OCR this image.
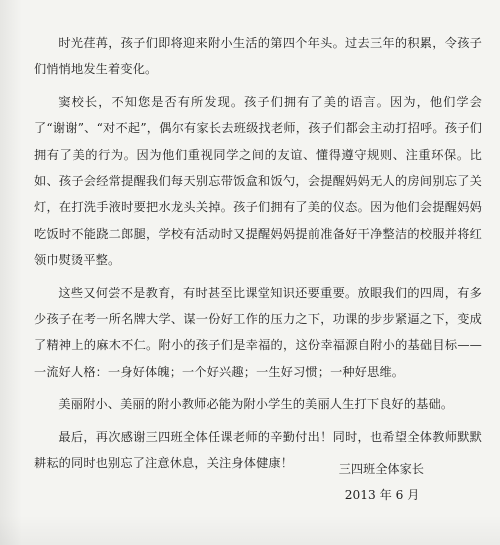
时光荏苒，孩子们即将迎来附小生活的第四个年头。过去三年的积累，令孩子们悄悄地发生着变化。

窦校长，不知您是否有所发现。孩子们拥有了美的语言。因为，他们学会了“谢谢”、“对不起”，偶尔有家长去班级找老师，孩子们都会主动打招呼。孩子们拥有了美的行为。因为他们重视同学之间的友谊、懂得遵守规则、注重环保。比如、孩子会经常提醒我们每天别忘带饭盒和饭勺，会提醒妈妈无人的房间别忘了关灯，在打洗手液时要把水龙头关掉。孩子们拥有了美的仪态。因为他们会提醒妈妈吃饭时不能跷二郎腿，学校有活动时又提醒妈妈提前准备好干净整洁的校服并将红领巾熨烫平整。

这些又何尝不是教育，有时甚至比课堂知识还要重要。放眼我们的四周，有多少孩子在考一所名牌大学、谋一份好工作的压力之下，功课的步步紧逼之下，变成了精神上的麻木不仁。附小的孩子们是幸福的，这份幸福源自附小的基础目标——一流好人格：一身好体魄；一个好兴趣；一生好习惯；一种好思维。

美丽附小、美丽的附小教师必能为附小学生的美丽人生打下良好的基础。

最后，再次感谢三四班全体任课老师的辛勤付出！同时，也希望全体教师默默耕耘的同时也别忘了注意休息，关注身体健康！	三四班全体家长
2013 年 6 月
